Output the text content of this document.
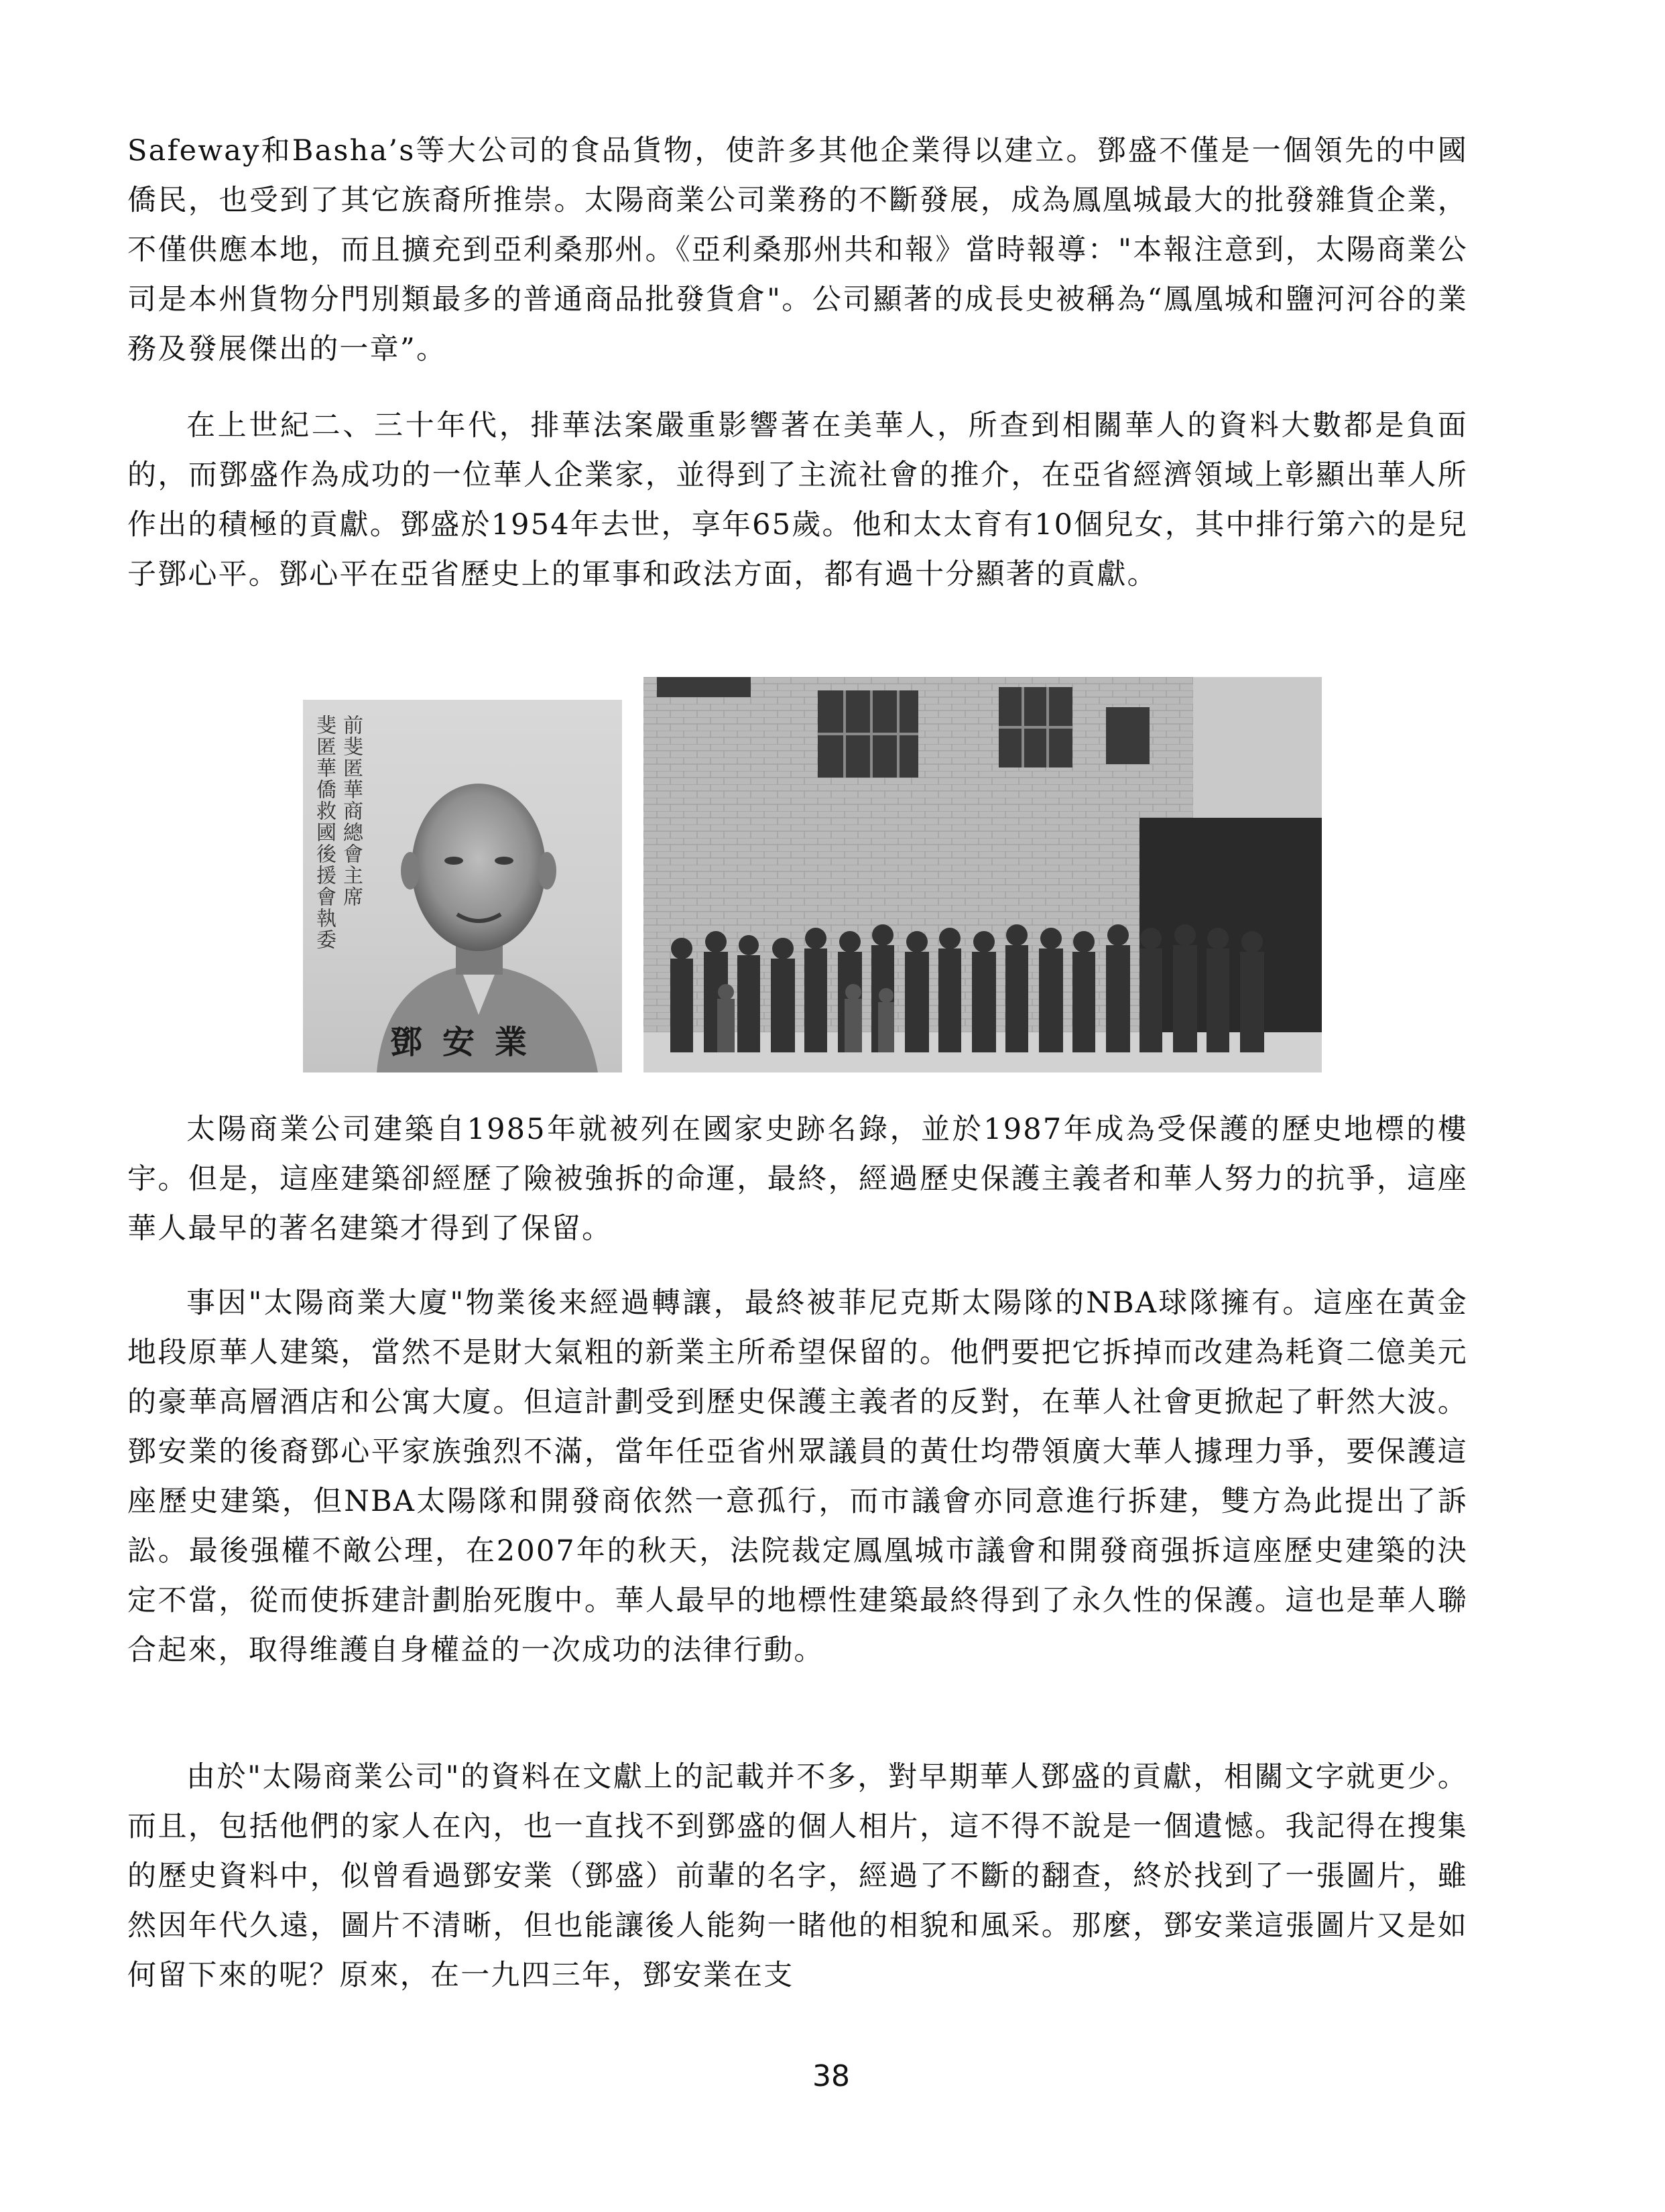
Safeway和Basha’s等大公司的食品貨物，使許多其他企業得以建立。鄧盛不僅是一個領先的中國僑民，也受到了其它族裔所推崇。太陽商業公司業務的不斷發展，成為鳳凰城最大的批發雜貨企業，不僅供應本地，而且擴充到亞利桑那州。《亞利桑那州共和報》當時報導："本報注意到，太陽商業公司是本州貨物分門別類最多的普通商品批發貨倉"。公司顯著的成長史被稱為“鳳凰城和鹽河河谷的業務及發展傑出的一章”。

在上世紀二、三十年代，排華法案嚴重影響著在美華人，所查到相關華人的資料大數都是負面的，而鄧盛作為成功的一位華人企業家，並得到了主流社會的推介，在亞省經濟領域上彰顯出華人所作出的積極的貢獻。鄧盛於1954年去世，享年65歲。他和太太育有10個兒女，其中排行第六的是兒子鄧心平。鄧心平在亞省歷史上的軍事和政法方面，都有過十分顯著的貢獻。

斐匿華僑救國後援會執委 前斐匿華商總會主席
鄧安業

太陽商業公司建築自1985年就被列在國家史跡名錄，並於1987年成為受保護的歷史地標的樓宇。但是，這座建築卻經歷了險被強拆的命運，最終，經過歷史保護主義者和華人努力的抗爭，這座華人最早的著名建築才得到了保留。

事因"太陽商業大廈"物業後来經過轉讓，最終被菲尼克斯太陽隊的NBA球隊擁有。這座在黃金地段原華人建築，當然不是財大氣粗的新業主所希望保留的。他們要把它拆掉而改建為耗資二億美元的豪華高層酒店和公寓大廈。但這計劃受到歷史保護主義者的反對，在華人社會更掀起了軒然大波。鄧安業的後裔鄧心平家族強烈不滿，當年任亞省州眾議員的黃仕均帶領廣大華人據理力爭，要保護這座歷史建築，但NBA太陽隊和開發商依然一意孤行，而市議會亦同意進行拆建，雙方為此提出了訴訟。最後强權不敵公理，在2007年的秋天，法院裁定鳳凰城市議會和開發商强拆這座歷史建築的決定不當，從而使拆建計劃胎死腹中。華人最早的地標性建築最終得到了永久性的保護。這也是華人聯合起來，取得维護自身權益的一次成功的法律行動。

由於"太陽商業公司"的資料在文獻上的記載并不多，對早期華人鄧盛的貢獻，相關文字就更少。而且，包括他們的家人在內，也一直找不到鄧盛的個人相片，這不得不說是一個遺憾。我記得在搜集的歷史資料中，似曾看過鄧安業（鄧盛）前輩的名字，經過了不斷的翻查，終於找到了一張圖片，雖然因年代久遠，圖片不清晰，但也能讓後人能夠一睹他的相貌和風采。那麼，鄧安業這張圖片又是如何留下來的呢？原來，在一九四三年，鄧安業在支

38
